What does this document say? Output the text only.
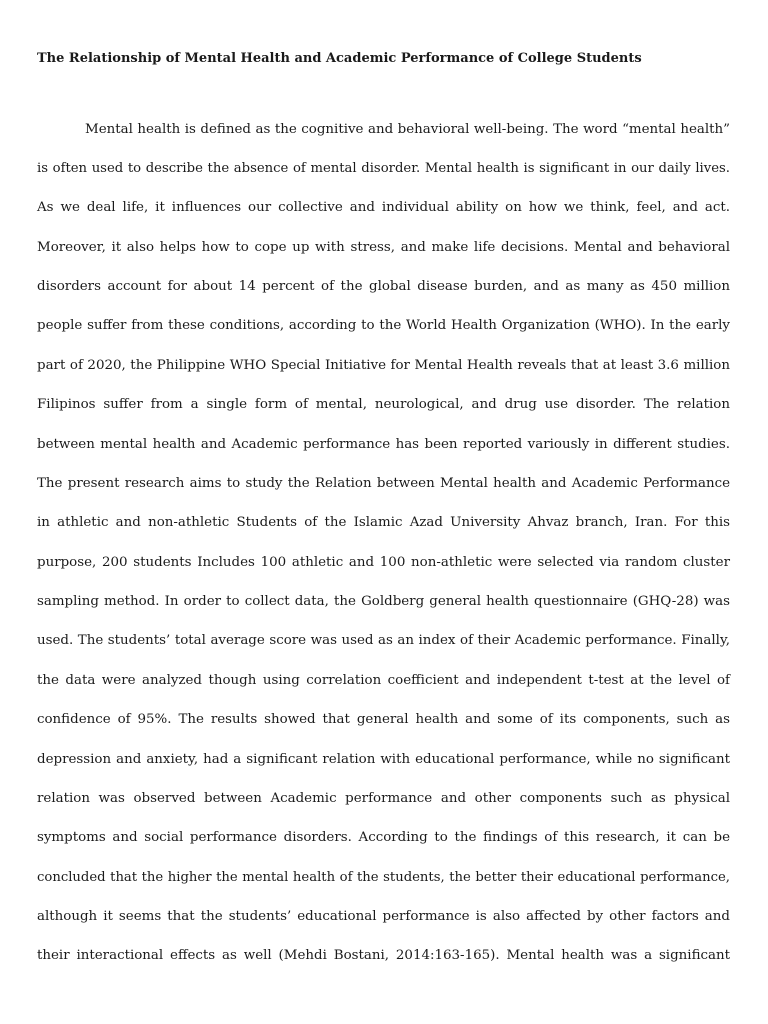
The Relationship of Mental Health and Academic Performance of College Students
Mental health is defined as the cognitive and behavioral well-being. The word “mental health”
is often used to describe the absence of mental disorder. Mental health is significant in our daily lives.
As we deal life, it influences our collective and individual ability on how we think, feel, and act.
Moreover, it also helps how to cope up with stress, and make life decisions. Mental and behavioral
disorders account for about 14 percent of the global disease burden, and as many as 450 million
people suffer from these conditions, according to the World Health Organization (WHO). In the early
part of 2020, the Philippine WHO Special Initiative for Mental Health reveals that at least 3.6 million
Filipinos suffer from a single form of mental, neurological, and drug use disorder. The relation
between mental health and Academic performance has been reported variously in different studies.
The present research aims to study the Relation between Mental health and Academic Performance
in athletic and non-athletic Students of the Islamic Azad University Ahvaz branch, Iran. For this
purpose, 200 students Includes 100 athletic and 100 non-athletic were selected via random cluster
sampling method. In order to collect data, the Goldberg general health questionnaire (GHQ-28) was
used. The students’ total average score was used as an index of their Academic performance. Finally,
the data were analyzed though using correlation coefficient and independent t-test at the level of
confidence of 95%. The results showed that general health and some of its components, such as
depression and anxiety, had a significant relation with educational performance, while no significant
relation was observed between Academic performance and other components such as physical
symptoms and social performance disorders. According to the findings of this research, it can be
concluded that the higher the mental health of the students, the better their educational performance,
although it seems that the students’ educational performance is also affected by other factors and
their interactional effects as well (Mehdi Bostani, 2014:163-165). Mental health was a significant
